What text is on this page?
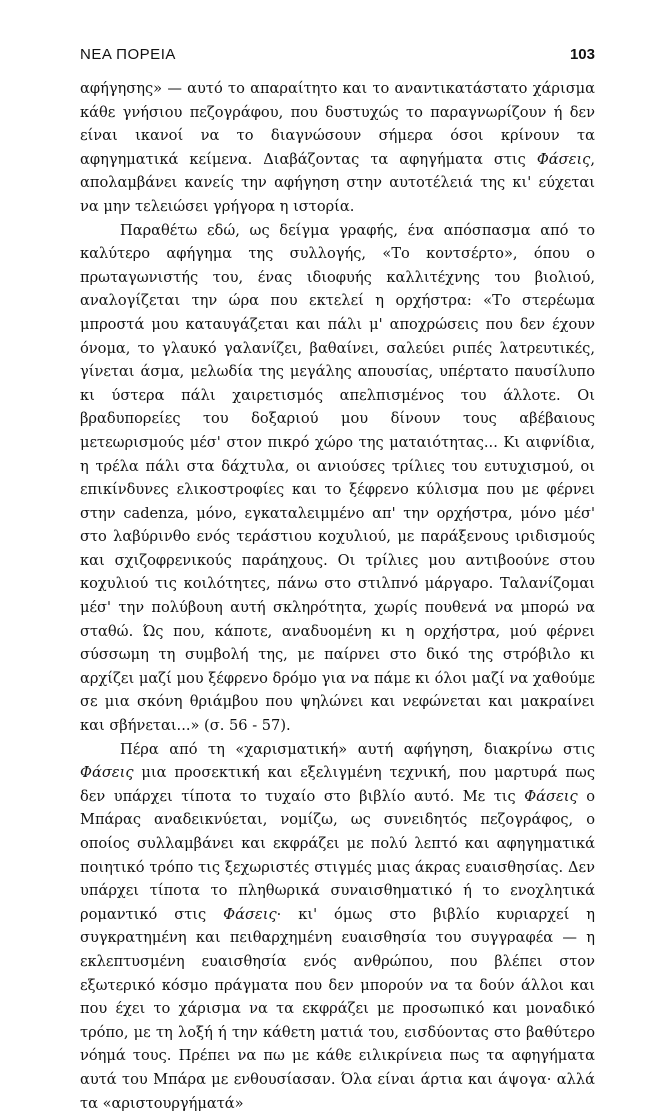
ΝΕΑ ΠΟΡΕΙΑ	103

αφήγησης» — αυτό το απαραίτητο και το αναντικατάστατο χάρισμα κάθε γνήσιου πεζογράφου, που δυστυχώς το παραγνωρίζουν ή δεν είναι ικανοί να το διαγνώσουν σήμερα όσοι κρίνουν τα αφηγηματικά κείμενα. Διαβάζοντας τα αφηγήματα στις Φάσεις, απολαμβάνει κανείς την αφήγηση στην αυτοτέλειά της κι' εύχεται να μην τελειώσει γρήγορα η ιστορία.

Παραθέτω εδώ, ως δείγμα γραφής, ένα απόσπασμα από το καλύτερο αφήγημα της συλλογής, «Το κοντσέρτο», όπου ο πρωταγωνιστής του, ένας ιδιοφυής καλλιτέχνης του βιολιού, αναλογίζεται την ώρα που εκτελεί η ορχήστρα: «Το στερέωμα μπροστά μου καταυγάζεται και πάλι μ' αποχρώσεις που δεν έχουν όνομα, το γλαυκό γαλανίζει, βαθαίνει, σαλεύει ριπές λατρευτικές, γίνεται άσμα, μελωδία της μεγάλης απουσίας, υπέρτατο παυσίλυπο κι ύστερα πάλι χαιρετισμός απελπισμένος του άλλοτε. Οι βραδυπορείες του δοξαριού μου δίνουν τους αβέβαιους μετεωρισμούς μέσ' στον πικρό χώρο της ματαιότητας... Κι αιφνίδια, η τρέλα πάλι στα δάχτυλα, οι ανιούσες τρίλιες του ευτυχισμού, οι επικίνδυνες ελικοστροφίες και το ξέφρενο κύλισμα που με φέρνει στην cadenza, μόνο, εγκαταλειμμένο απ' την ορχήστρα, μόνο μέσ' στο λαβύρινθο ενός τεράστιου κοχυλιού, με παράξενους ιριδισμούς και σχιζοφρενικούς παράηχους. Οι τρίλιες μου αντιβοούνε στου κοχυλιού τις κοιλότητες, πάνω στο στιλπνό μάργαρο. Ταλανίζομαι μέσ' την πολύβουη αυτή σκληρότητα, χωρίς πουθενά να μπορώ να σταθώ. Ώς που, κάποτε, αναδυομένη κι η ορχήστρα, μού φέρνει σύσσωμη τη συμβολή της, με παίρνει στο δικό της στρόβιλο κι αρχίζει μαζί μου ξέφρενο δρόμο για να πάμε κι όλοι μαζί να χαθούμε σε μια σκόνη θριάμβου που ψηλώνει και νεφώνεται και μακραίνει και σβήνεται...» (σ. 56 - 57).

Πέρα από τη «χαρισματική» αυτή αφήγηση, διακρίνω στις Φάσεις μια προσεκτική και εξελιγμένη τεχνική, που μαρτυρά πως δεν υπάρχει τίποτα το τυχαίο στο βιβλίο αυτό. Με τις Φάσεις ο Μπάρας αναδεικνύεται, νομίζω, ως συνειδητός πεζογράφος, ο οποίος συλλαμβάνει και εκφράζει με πολύ λεπτό και αφηγηματικά ποιητικό τρόπο τις ξεχωριστές στιγμές μιας άκρας ευαισθησίας. Δεν υπάρχει τίποτα το πληθωρικά συναισθηματικό ή το ενοχλητικά ρομαντικό στις Φάσεις· κι' όμως στο βιβλίο κυριαρχεί η συγκρατημένη και πειθαρχημένη ευαισθησία του συγγραφέα — η εκλεπτυσμένη ευαισθησία ενός ανθρώπου, που βλέπει στον εξωτερικό κόσμο πράγματα που δεν μπορούν να τα δούν άλλοι και που έχει το χάρισμα να τα εκφράζει με προσωπικό και μοναδικό τρόπο, με τη λοξή ή την κάθετη ματιά του, εισδύοντας στο βαθύτερο νόημά τους. Πρέπει να πω με κάθε ειλικρίνεια πως τα αφηγήματα αυτά του Μπάρα με ενθουσίασαν. Όλα είναι άρτια και άψογα· αλλά τα «αριστουργήματά»
